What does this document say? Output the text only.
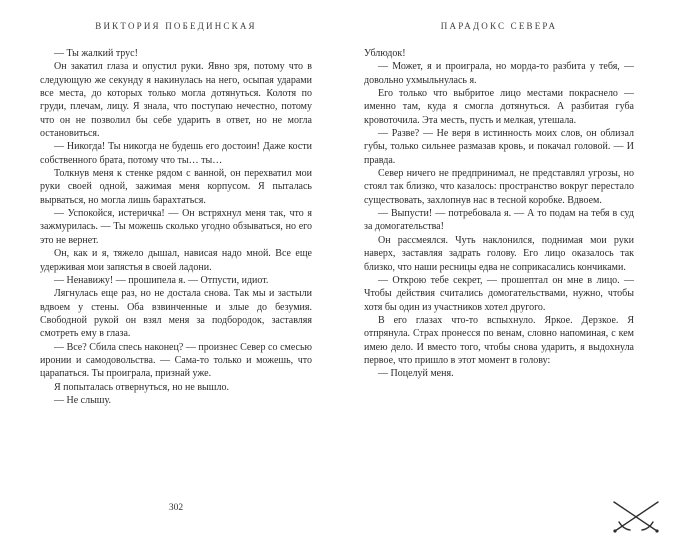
ВИКТОРИЯ ПОБЕДИНСКАЯ

— Ты жалкий трус!

Он закатил глаза и опустил руки. Явно зря, потому что в следующую же секунду я накинулась на него, осыпая ударами все места, до которых только могла дотянуться. Колотя по груди, плечам, лицу. Я знала, что поступаю нечестно, потому что он не позволил бы себе ударить в ответ, но не могла остановиться.

— Никогда! Ты никогда не будешь его достоин! Даже кости собственного брата, потому что ты… ты…

Толкнув меня к стенке рядом с ванной, он перехватил мои руки своей одной, зажимая меня корпусом. Я пыталась вырваться, но могла лишь барахтаться.

— Успокойся, истеричка! — Он встряхнул меня так, что я зажмурилась. — Ты можешь сколько угодно обзываться, но его это не вернет.

Он, как и я, тяжело дышал, нависая надо мной. Все еще удерживая мои запястья в своей ладони.

— Ненавижу! — прошипела я. — Отпусти, идиот.

Лягнулась еще раз, но не достала снова. Так мы и застыли вдвоем у стены. Оба взвинченные и злые до безумия. Свободной рукой он взял меня за подбородок, заставляя смотреть ему в глаза.

— Все? Сбила спесь наконец? — произнес Север со смесью иронии и самодовольства. — Сама-то только и можешь, что царапаться. Ты проиграла, признай уже.

Я попыталась отвернуться, но не вышло.

— Не слышу.

302
ПАРАДОКС СЕВЕРА

Ублюдок!

— Может, я и проиграла, но морда-то разбита у тебя, — довольно ухмыльнулась я.

Его только что выбритое лицо местами покраснело — именно там, куда я смогла дотянуться. А разбитая губа кровоточила. Эта месть, пусть и мелкая, утешала.

— Разве? — Не веря в истинность моих слов, он облизал губы, только сильнее размазав кровь, и покачал головой. — И правда.

Север ничего не предпринимал, не представлял угрозы, но стоял так близко, что казалось: пространство вокруг перестало существовать, захлопнув нас в тесной коробке. Вдвоем.

— Выпусти! — потребовала я. — А то подам на тебя в суд за домогательства!

Он рассмеялся. Чуть наклонился, поднимая мои руки наверх, заставляя задрать голову. Его лицо оказалось так близко, что наши ресницы едва не соприкасались кончиками.

— Открою тебе секрет, — прошептал он мне в лицо. — Чтобы действия считались домогательствами, нужно, чтобы хотя бы один из участников хотел другого.

В его глазах что-то вспыхнуло. Яркое. Дерзкое. Я отпрянула. Страх пронесся по венам, словно напоминая, с кем имею дело. И вместо того, чтобы снова ударить, я выдохнула первое, что пришло в этот момент в голову:

— Поцелуй меня.
